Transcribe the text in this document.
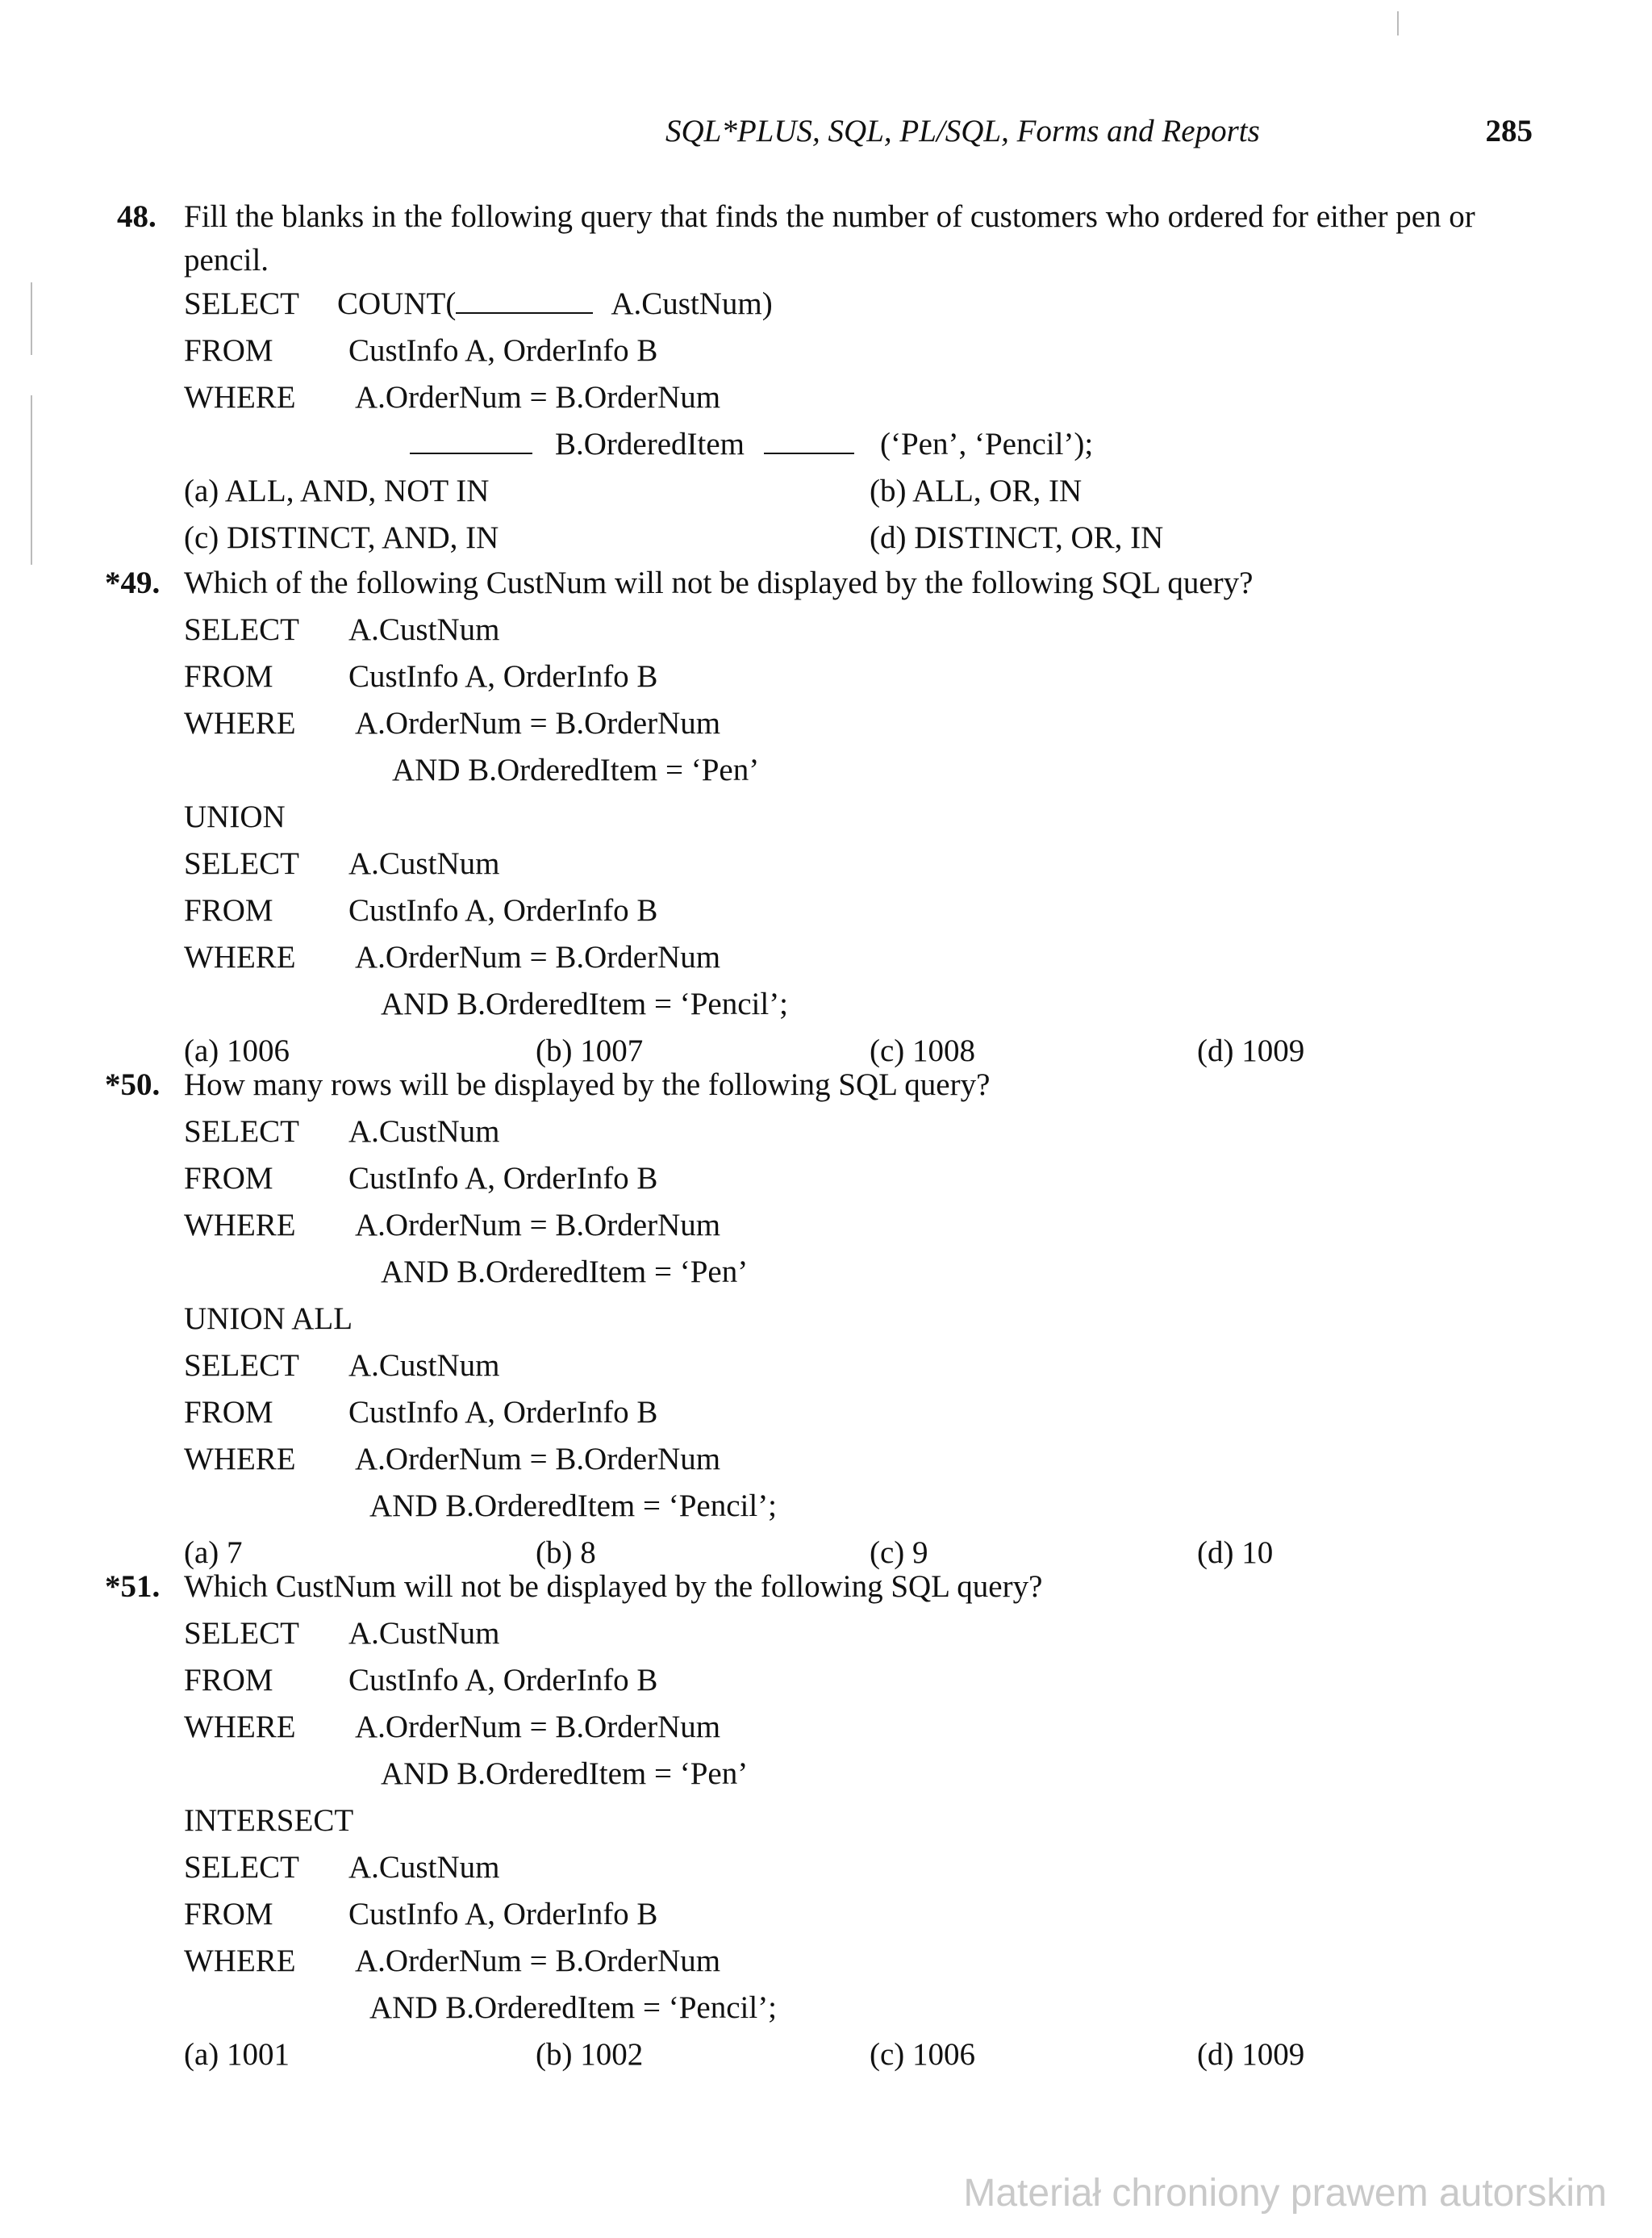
SQL*PLUS, SQL, PL/SQL, Forms and Reports	285
48. Fill the blanks in the following query that finds the number of customers who ordered for either pen or pencil.
SELECT COUNT(	A.CustNum)
FROM CustInfo A, OrderInfo B
WHERE A.OrderNum = B.OrderNum
B.OrderedItem	(‘Pen’, ‘Pencil’);
(a) ALL, AND, NOT IN	(b) ALL, OR, IN
(c) DISTINCT, AND, IN	(d) DISTINCT, OR, IN
*49. Which of the following CustNum will not be displayed by the following SQL query?
SELECT A.CustNum
FROM CustInfo A, OrderInfo B
WHERE A.OrderNum = B.OrderNum
AND B.OrderedItem = ‘Pen’
UNION
SELECT A.CustNum
FROM CustInfo A, OrderInfo B
WHERE A.OrderNum = B.OrderNum
AND B.OrderedItem = ‘Pencil’;
(a) 1006	(b) 1007	(c) 1008	(d) 1009
*50. How many rows will be displayed by the following SQL query?
SELECT A.CustNum
FROM CustInfo A, OrderInfo B
WHERE A.OrderNum = B.OrderNum
AND B.OrderedItem = ‘Pen’
UNION ALL
SELECT A.CustNum
FROM CustInfo A, OrderInfo B
WHERE A.OrderNum = B.OrderNum
AND B.OrderedItem = ‘Pencil’;
(a) 7	(b) 8	(c) 9	(d) 10
*51. Which CustNum will not be displayed by the following SQL query?
SELECT A.CustNum
FROM CustInfo A, OrderInfo B
WHERE A.OrderNum = B.OrderNum
AND B.OrderedItem = ‘Pen’
INTERSECT
SELECT A.CustNum
FROM CustInfo A, OrderInfo B
WHERE A.OrderNum = B.OrderNum
AND B.OrderedItem = ‘Pencil’;
(a) 1001	(b) 1002	(c) 1006	(d) 1009
Materiał chroniony prawem autorskim
